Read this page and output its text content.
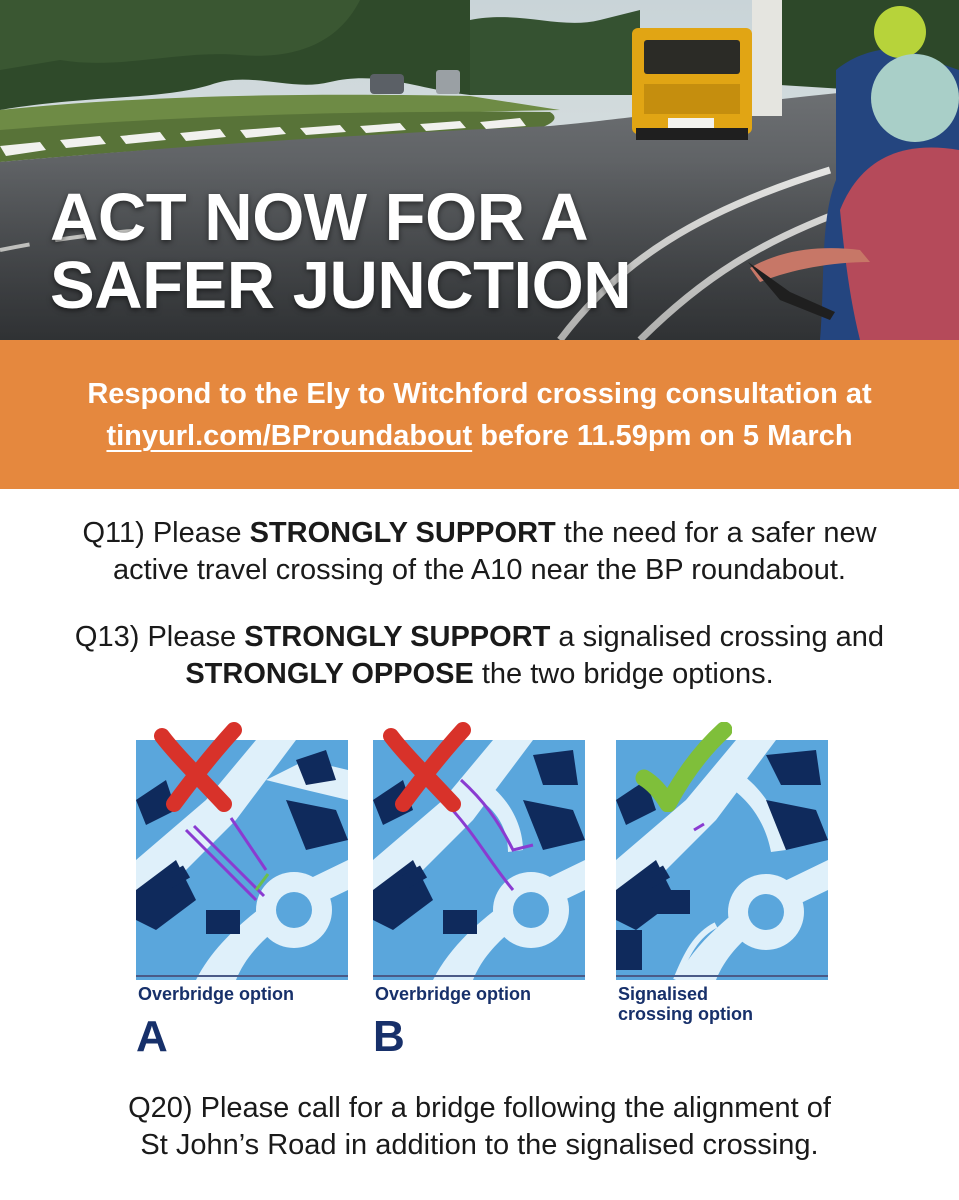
ACT NOW FOR A
SAFER JUNCTION
Respond to the Ely to Witchford crossing consultation at
tinyurl.com/BProundabout before 11.59pm on 5 March
Q11) Please STRONGLY SUPPORT the need for a safer new
active travel crossing of the A10 near the BP roundabout.
Q13) Please STRONGLY SUPPORT a signalised crossing and
STRONGLY OPPOSE the two bridge options.
Overbridge option
A
Overbridge option
B
Signalised
crossing option
Q20) Please call for a bridge following the alignment of
St John’s Road in addition to the signalised crossing.
